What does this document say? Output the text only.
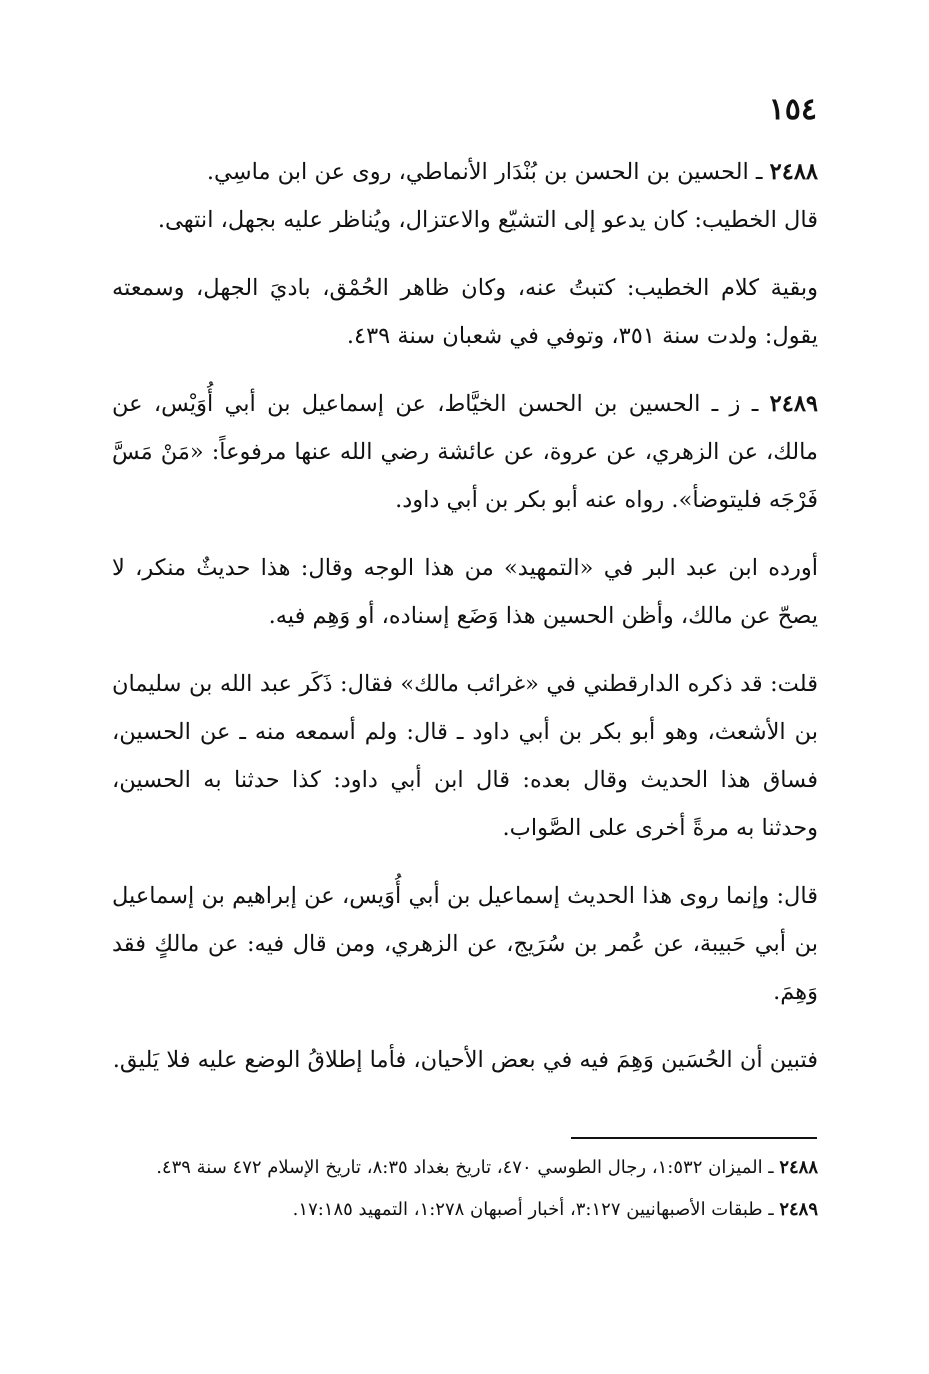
١٥٤

٢٤٨٨ ـ الحسين بن الحسن بن بُنْدَار الأنماطي، روى عن ابن ماسِي.
قال الخطيب: كان يدعو إلى التشيّع والاعتزال، ويُناظر عليه بجهل، انتهى.

وبقية كلام الخطيب: كتبتُ عنه، وكان ظاهر الحُمْق، باديَ الجهل، وسمعته يقول: ولدت سنة ٣٥١، وتوفي في شعبان سنة ٤٣٩.

٢٤٨٩ ـ ز ـ الحسين بن الحسن الخيَّاط، عن إسماعيل بن أبي أُوَيْس، عن مالك، عن الزهري، عن عروة، عن عائشة رضي الله عنها مرفوعاً: «مَنْ مَسَّ فَرْجَه فليتوضأ». رواه عنه أبو بكر بن أبي داود.

أورده ابن عبد البر في «التمهيد» من هذا الوجه وقال: هذا حديثٌ منكر، لا يصحّ عن مالك، وأظن الحسين هذا وَضَع إسناده، أو وَهِم فيه.

قلت: قد ذكره الدارقطني في «غرائب مالك» فقال: ذَكَر عبد الله بن سليمان بن الأشعث، وهو أبو بكر بن أبي داود ـ قال: ولم أسمعه منه ـ عن الحسين، فساق هذا الحديث وقال بعده: قال ابن أبي داود: كذا حدثنا به الحسين، وحدثنا به مرةً أخرى على الصَّواب.

قال: وإنما روى هذا الحديث إسماعيل بن أبي أُوَيس، عن إبراهيم بن إسماعيل بن أبي حَبيبة، عن عُمر بن سُرَيج، عن الزهري، ومن قال فيه: عن مالكٍ فقد وَهِمَ.

فتبين أن الحُسَين وَهِمَ فيه في بعض الأحيان، فأما إطلاقُ الوضع عليه فلا يَليق.

٢٤٨٨ ـ الميزان ١:٥٣٢، رجال الطوسي ٤٧٠، تاريخ بغداد ٨:٣٥، تاريخ الإسلام ٤٧٢ سنة ٤٣٩.

٢٤٨٩ ـ طبقات الأصبهانيين ٣:١٢٧، أخبار أصبهان ١:٢٧٨، التمهيد ١٧:١٨٥.
